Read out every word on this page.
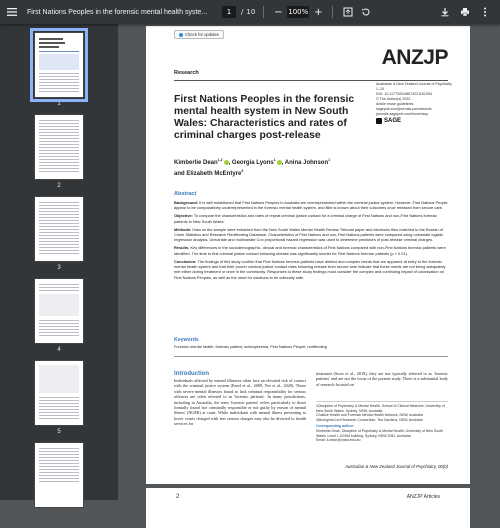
First Nations Peoples in the forensic mental health syste...	1	/ 10 − 100% +
1
2
3
4
5
Check for updates
ANZJP
Research
Australian & New Zealand Journal of Psychiatry
1–10
DOI: 10.1177/00048674221151094
© The Author(s) 2022
Article reuse guidelines:
sagepub.com/journals-permissions
journals.sagepub.com/home/anp
SAGE
First Nations Peoples in the forensic mental health system in New South Wales: Characteristics and rates of criminal charges post-release
Kimberlie Dean$^{1,2}$ , Georgia Lyons$^1$ , Anina Johnson$^1$
and Elizabeth McEntyre$^3$
Abstract

Background: It is well established that First Nations Peoples in Australia are overrepresented within the criminal justice system. However, First Nations People appear to be comparatively underrepresented in the forensic mental health system, and little is known about their outcomes once released from secure care.

Objective: To compare the characteristics and rates of repeat criminal justice contact for a criminal charge of First Nations and non-First Nations forensic patients in New South Wales.

Methods: Data on the sample were extracted from the New South Wales Mental Health Review Tribunal paper and electronic files matched to the Bureau of Crime Statistics and Research Reoffending Database. Characteristics of First Nations and non-First Nations patients were compared using univariate logistic regression analysis. Univariate and multivariate Cox proportional hazard regression was used to determine predictors of post-release criminal charges.

Results: Key differences in the sociodemographic, clinical and forensic characteristics of First Nations compared with non-First Nations forensic patients were identified. The time to first criminal justice contact following release was significantly shorter for First Nations forensic patients (p < 0.01).

Conclusion: The findings of this study confirm that First Nations forensic patients have distinct and complex needs that are apparent at entry to the forensic mental health system and that their poorer criminal justice contact rates following release from secure care indicate that these needs are not being adequately met either during treatment or once in the community. Responses to these study findings must consider the complex and continuing impact of colonisation on First Nations Peoples, as well as the need for solutions to be culturally safe.

Keywords
Forensic mental health, forensic patient, schizophrenia, First Nations People, reoffending
Introduction
Individuals affected by mental illnesses often face an elevated risk of contact with the criminal justice system (Fazel et al., 2009; Yee et al., 2020). Those with severe mental illnesses found to lack criminal responsibility for serious offences are often referred to as 'forensic patients'. In many jurisdictions, including in Australia, the term 'forensic patient' refers particularly to those formally found 'not criminally responsible or not guilty by reason of mental illness' (NGMI) at court. While individuals with mental illness presenting to lower courts charged with less serious charges may also be diverted to health services for
treatment (Soon et al., 2018), they are not typically referred to as 'forensic patients' and are not the focus of the present study. There is a substantial body of research focused on
1Discipline of Psychiatry & Mental Health, School of Clinical Medicine, University of New South Wales, Sydney, NSW, Australia
2Justice Health and Forensic Mental Health Network, NSW, Australia
3Aboriginal-Led Research Consortium, Tea Gardens, NSW, Australia
Corresponding author:
Kimberlie Dean, Discipline of Psychiatry & Mental Health, University of New South Wales, Level 1 AGSM building, Sydney, NSW 2052, Australia.
Email: k.dean@unsw.edu.au
Australian & New Zealand Journal of Psychiatry, 00(0)
2	ANZJP Articles
